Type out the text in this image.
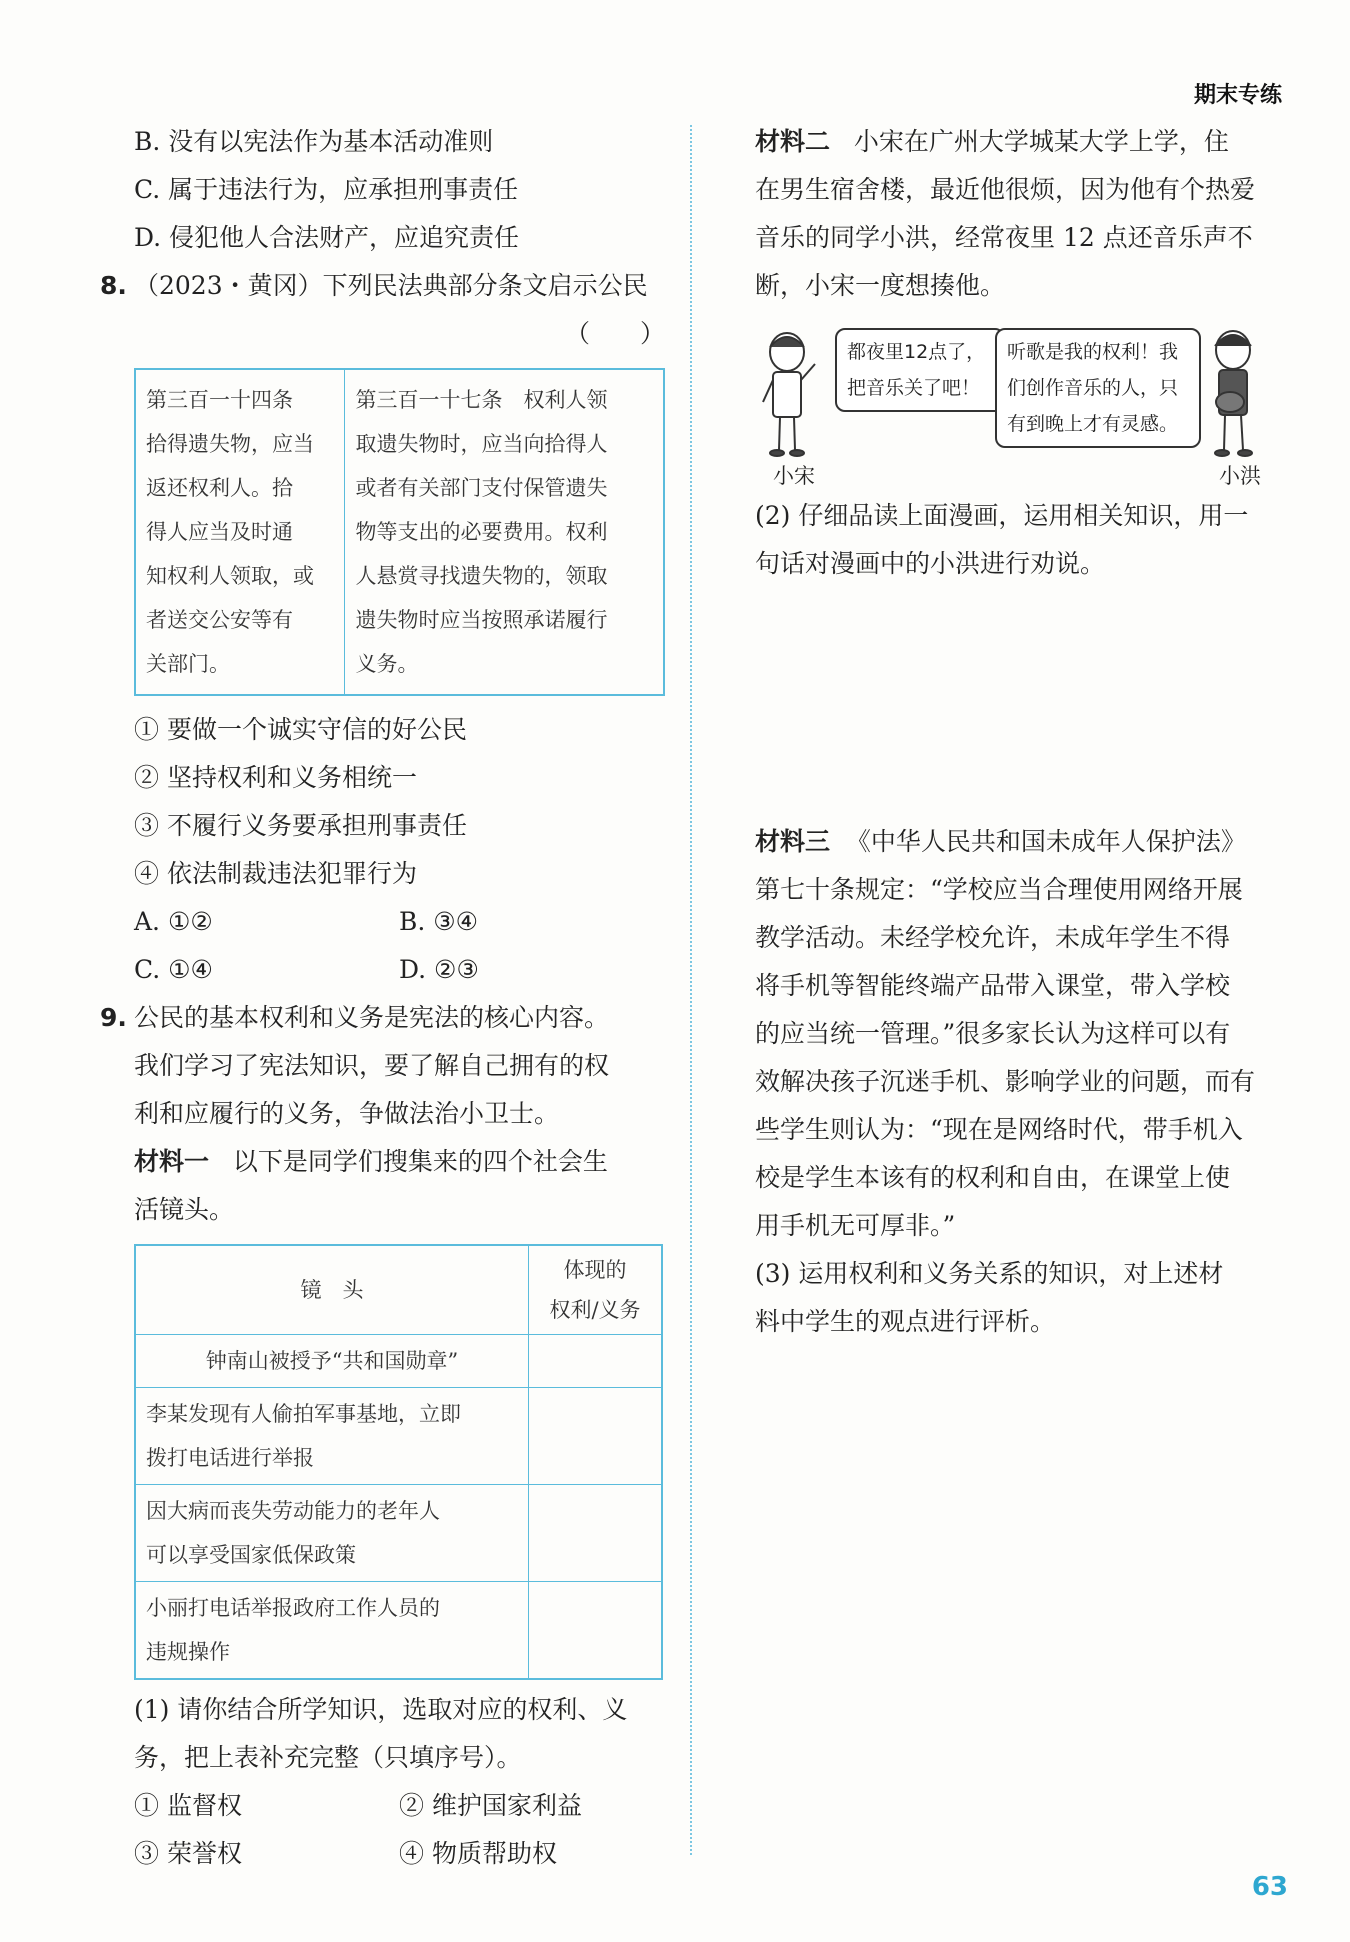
期末专练
B. 没有以宪法作为基本活动准则
C. 属于违法行为，应承担刑事责任
D. 侵犯他人合法财产，应追究责任
8. （2023・黄冈）下列民法典部分条文启示公民
（　　）
第三百一十四条
拾得遗失物，应当
返还权利人。拾
得人应当及时通
知权利人领取，或
者送交公安等有
关部门。
第三百一十七条　权利人领
取遗失物时，应当向拾得人
或者有关部门支付保管遗失
物等支出的必要费用。权利
人悬赏寻找遗失物的，领取
遗失物时应当按照承诺履行
义务。
① 要做一个诚实守信的好公民
② 坚持权利和义务相统一
③ 不履行义务要承担刑事责任
④ 依法制裁违法犯罪行为
A. ①②	B. ③④
C. ①④	D. ②③
9. 公民的基本权利和义务是宪法的核心内容。
我们学习了宪法知识，要了解自己拥有的权
利和应履行的义务，争做法治小卫士。
材料一 以下是同学们搜集来的四个社会生
活镜头。
镜　头	体现的
权利/义务

钟南山被授予“共和国勋章”	

李某发现有人偷拍军事基地，立即
拨打电话进行举报	

因大病而丧失劳动能力的老年人
可以享受国家低保政策	

小丽打电话举报政府工作人员的
违规操作	

(1) 请你结合所学知识，选取对应的权利、义
务，把上表补充完整（只填序号）。
① 监督权	② 维护国家利益
③ 荣誉权	④ 物质帮助权
材料二 小宋在广州大学城某大学上学，住
在男生宿舍楼，最近他很烦，因为他有个热爱
音乐的同学小洪，经常夜里 12 点还音乐声不
断，小宋一度想揍他。
都夜里12点了，
把音乐关了吧！
听歌是我的权利！我
们创作音乐的人，只
有到晚上才有灵感。
小宋	小洪
(2) 仔细品读上面漫画，运用相关知识，用一
句话对漫画中的小洪进行劝说。
材料三 《中华人民共和国未成年人保护法》
第七十条规定：“学校应当合理使用网络开展
教学活动。未经学校允许，未成年学生不得
将手机等智能终端产品带入课堂，带入学校
的应当统一管理。”很多家长认为这样可以有
效解决孩子沉迷手机、影响学业的问题，而有
些学生则认为：“现在是网络时代，带手机入
校是学生本该有的权利和自由，在课堂上使
用手机无可厚非。”
(3) 运用权利和义务关系的知识，对上述材
料中学生的观点进行评析。
63
